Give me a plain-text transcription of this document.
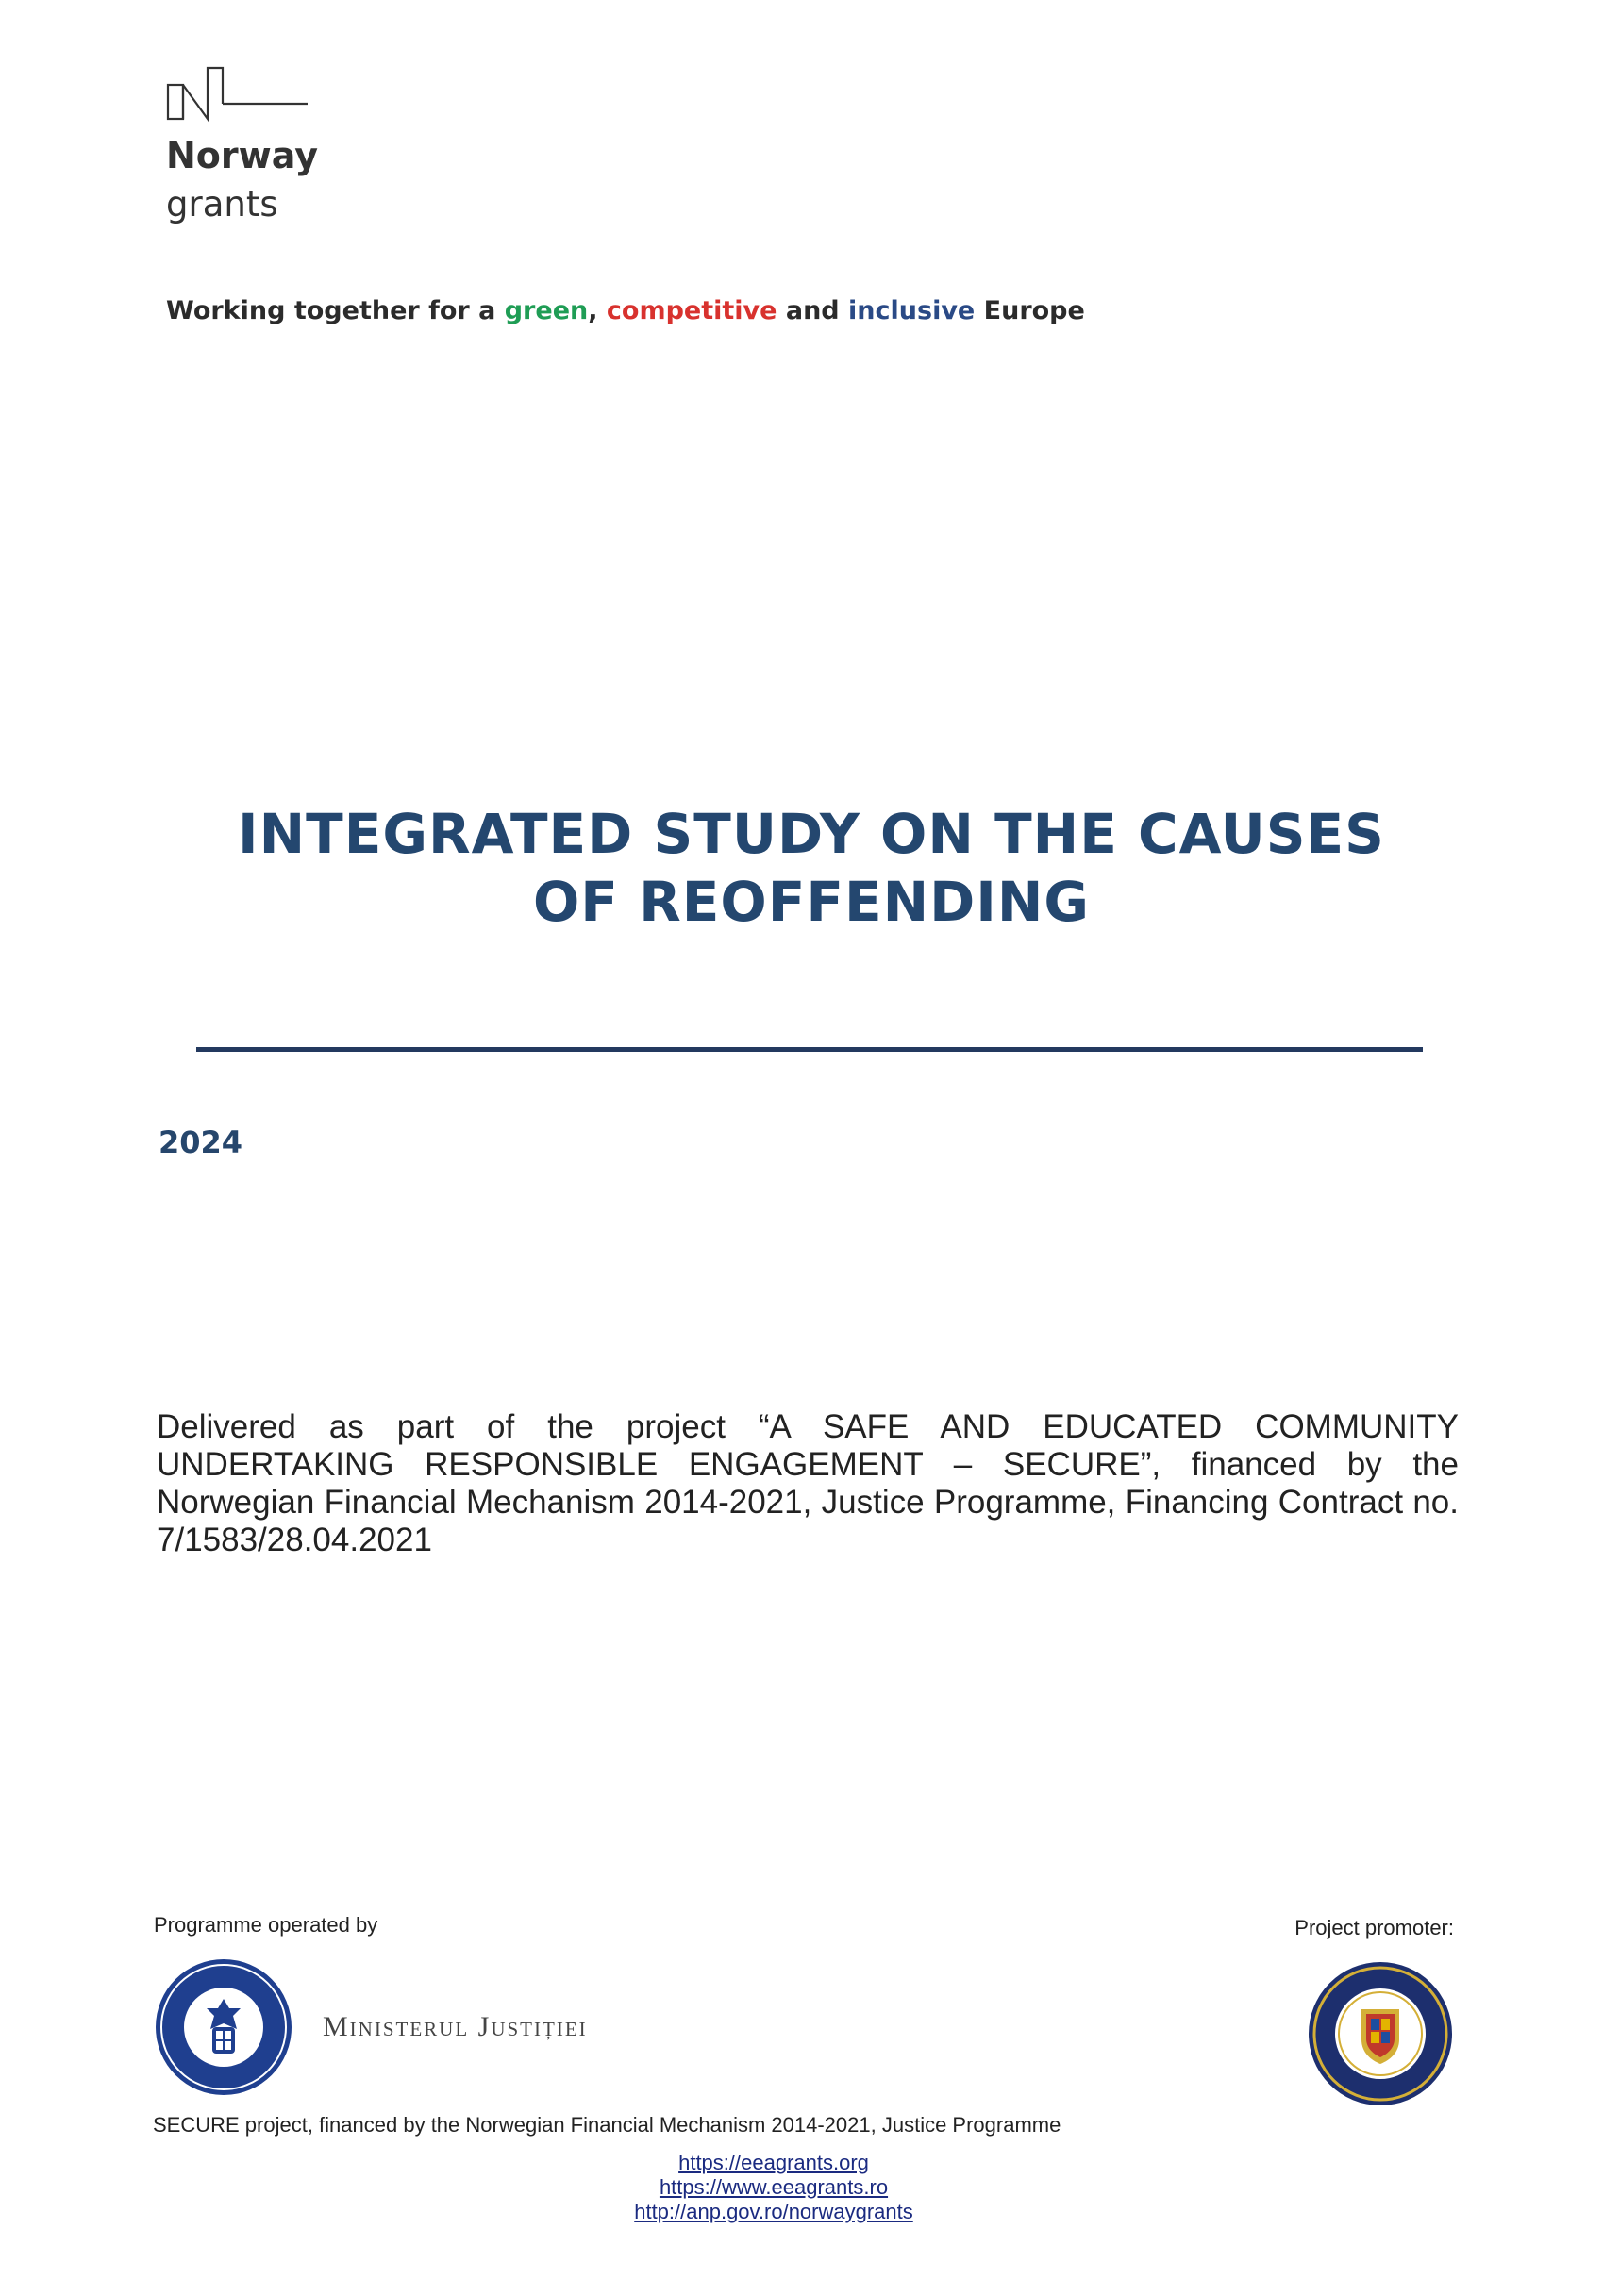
Norway
grants
Working together for a green, competitive and inclusive Europe
INTEGRATED STUDY ON THE CAUSES
OF REOFFENDING
2024
Delivered as part of the project “A SAFE AND EDUCATED COMMUNITY UNDERTAKING RESPONSIBLE ENGAGEMENT – SECURE”, financed by the Norwegian Financial Mechanism 2014-2021, Justice Programme, Financing Contract no. 7/1583/28.04.2021
Programme operated by	Project promoter:
Ministerul Justiției
SECURE project, financed by the Norwegian Financial Mechanism 2014-2021, Justice Programme
https://eeagrants.org
https://www.eeagrants.ro
http://anp.gov.ro/norwaygrants
